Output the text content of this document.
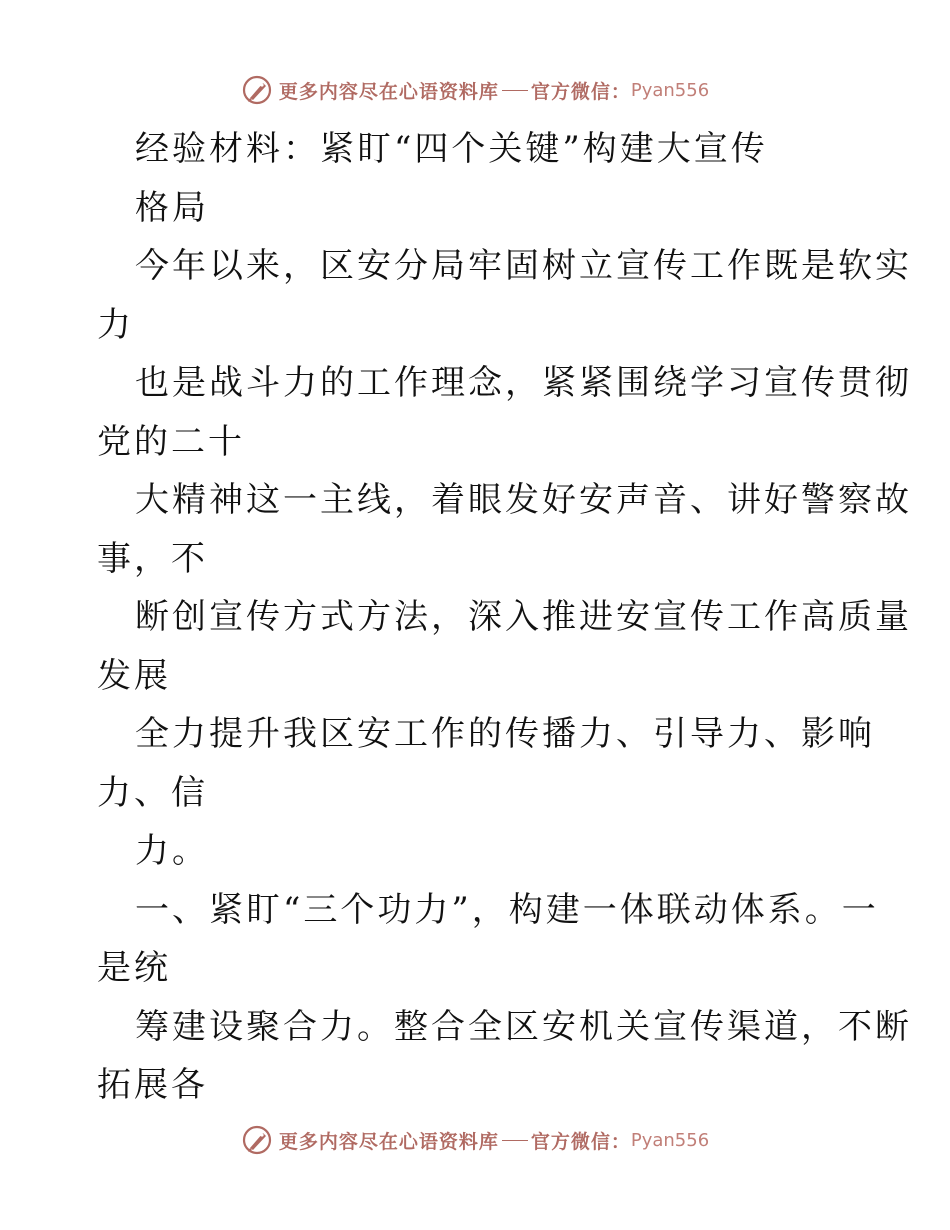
更多内容尽在心语资料库 官方微信： Pyan556
经验材料：紧盯“四个关键”构建大宣传
格局
今年以来，区安分局牢固树立宣传工作既是软实
力
也是战斗力的工作理念，紧紧围绕学习宣传贯彻
党的二十
大精神这一主线，着眼发好安声音、讲好警察故
事，不
断创宣传方式方法，深入推进安宣传工作高质量
发展
全力提升我区安工作的传播力、引导力、影响
力、信
力。
一、紧盯“三个功力”，构建一体联动体系。一
是统
筹建设聚合力。整合全区安机关宣传渠道，不断
拓展各
更多内容尽在心语资料库 官方微信： Pyan556
